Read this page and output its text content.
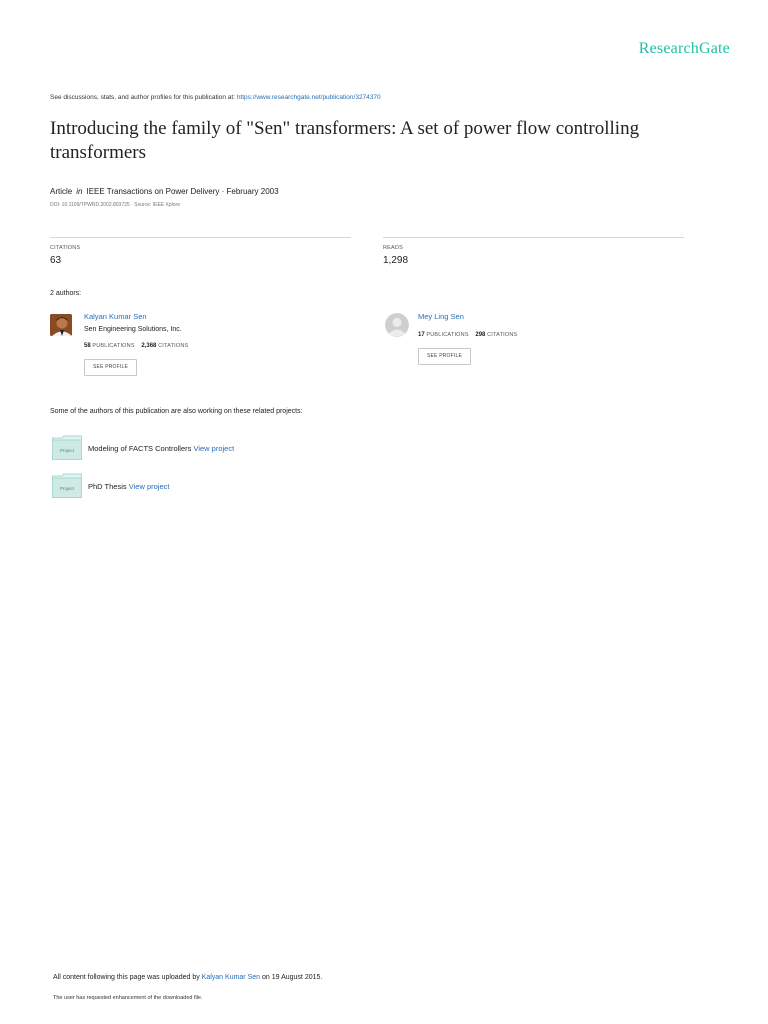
ResearchGate
See discussions, stats, and author profiles for this publication at: https://www.researchgate.net/publication/3274370
Introducing the family of "Sen" transformers: A set of power flow controlling transformers
Article in IEEE Transactions on Power Delivery · February 2003
DOI: 10.1109/TPWRD.2002.803725 · Source: IEEE Xplore
CITATIONS
63
READS
1,298
2 authors:
Kalyan Kumar Sen
Sen Engineering Solutions, Inc.
58 PUBLICATIONS 2,368 CITATIONS
SEE PROFILE
Mey Ling Sen
17 PUBLICATIONS 298 CITATIONS
SEE PROFILE
Some of the authors of this publication are also working on these related projects:
Project Modeling of FACTS Controllers View project
Project PhD Thesis View project
All content following this page was uploaded by Kalyan Kumar Sen on 19 August 2015.
The user has requested enhancement of the downloaded file.
